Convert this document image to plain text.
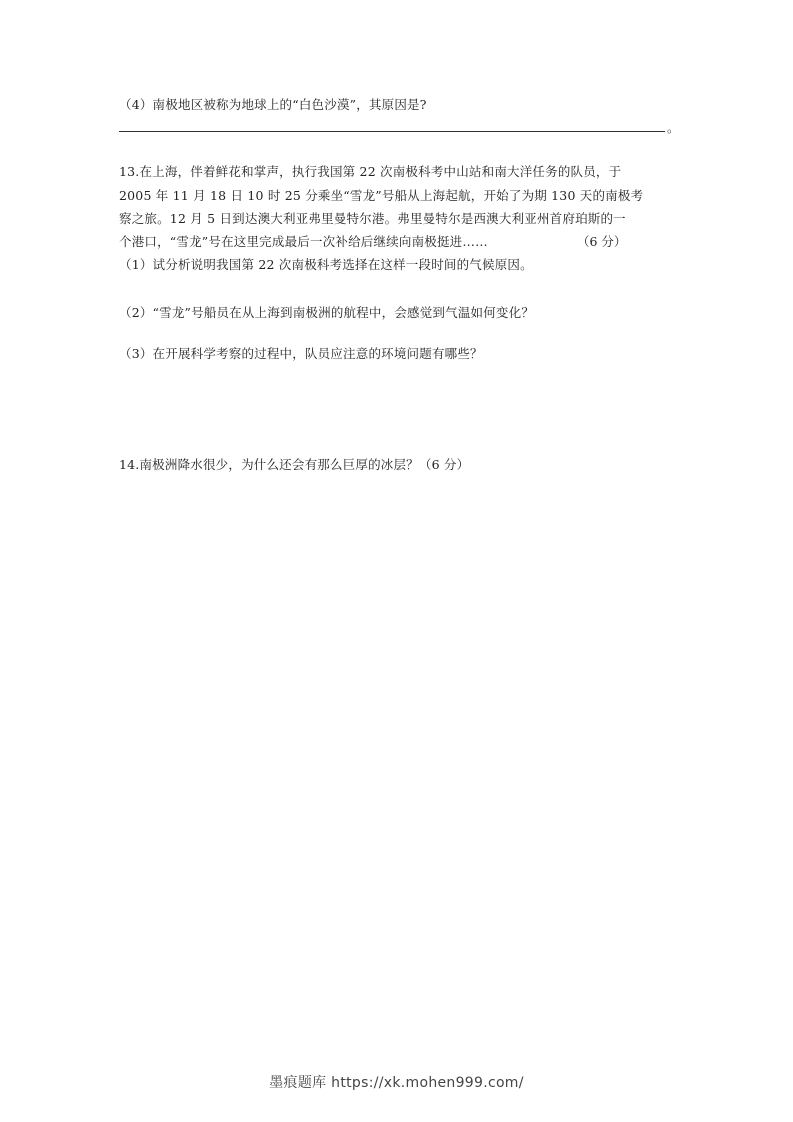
（4）南极地区被称为地球上的“白色沙漠”，其原因是?
。
13.在上海，伴着鲜花和掌声，执行我国第 22 次南极科考中山站和南大洋任务的队员，于
2005 年 11 月 18 日 10 时 25 分乘坐“雪龙”号船从上海起航，开始了为期 130 天的南极考
察之旅。12 月 5 日到达澳大利亚弗里曼特尔港。弗里曼特尔是西澳大利亚州首府珀斯的一
个港口，“雪龙”号在这里完成最后一次补给后继续向南极挺进……	（6 分）
（1）试分析说明我国第 22 次南极科考选择在这样一段时间的气候原因。
（2）“雪龙”号船员在从上海到南极洲的航程中，会感觉到气温如何变化？
（3）在开展科学考察的过程中，队员应注意的环境问题有哪些？
14.南极洲降水很少，为什么还会有那么巨厚的冰层？（6 分）
墨痕题库 https://xk.mohen999.com/
